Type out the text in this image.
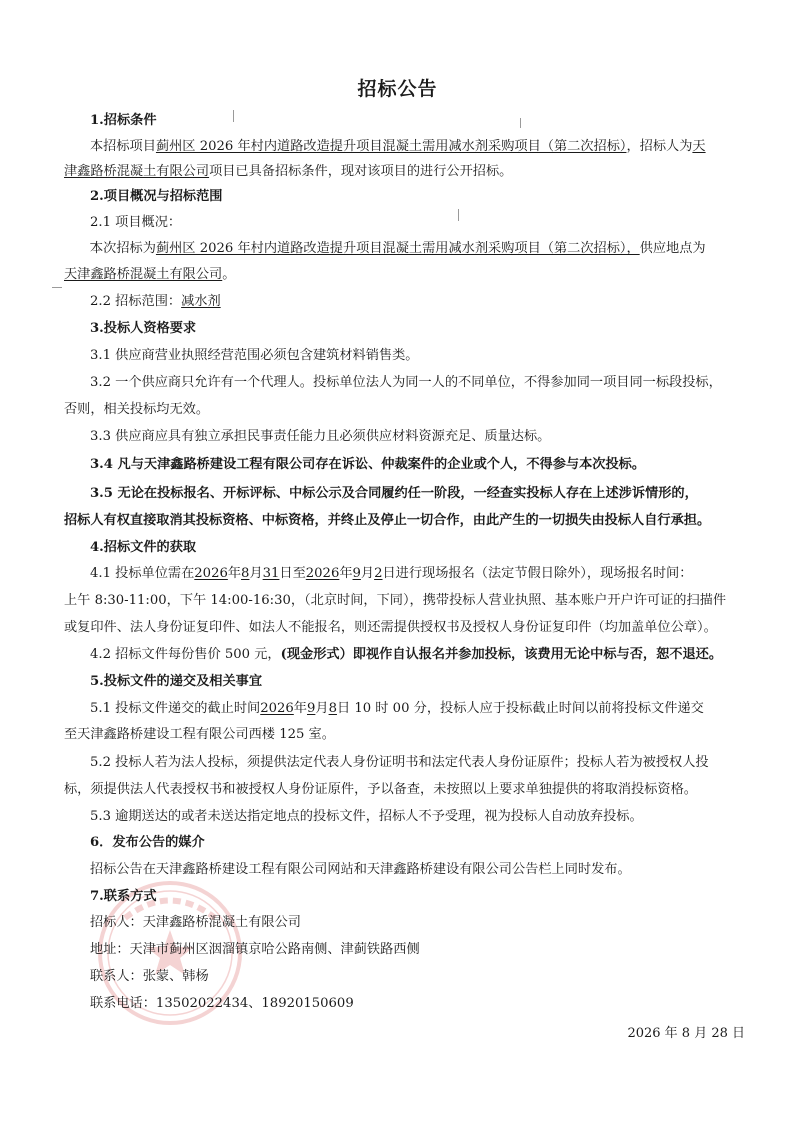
招标公告
1.招标条件
本招标项目蓟州区 2026 年村内道路改造提升项目混凝土需用减水剂采购项目（第二次招标），招标人为天
津鑫路桥混凝土有限公司项目已具备招标条件，现对该项目的进行公开招标。
2.项目概况与招标范围
2.1 项目概况：
本次招标为蓟州区 2026 年村内道路改造提升项目混凝土需用减水剂采购项目（第二次招标），供应地点为
天津鑫路桥混凝土有限公司。
2.2 招标范围：减水剂
3.投标人资格要求
3.1 供应商营业执照经营范围必须包含建筑材料销售类。
3.2 一个供应商只允许有一个代理人。投标单位法人为同一人的不同单位，不得参加同一项目同一标段投标，
否则，相关投标均无效。
3.3 供应商应具有独立承担民事责任能力且必须供应材料资源充足、质量达标。
3.4 凡与天津鑫路桥建设工程有限公司存在诉讼、仲裁案件的企业或个人，不得参与本次投标。
3.5 无论在投标报名、开标评标、中标公示及合同履约任一阶段，一经查实投标人存在上述涉诉情形的，
招标人有权直接取消其投标资格、中标资格，并终止及停止一切合作，由此产生的一切损失由投标人自行承担。
4.招标文件的获取
4.1 投标单位需在2026年8月31日至2026年9月2日进行现场报名（法定节假日除外），现场报名时间：
上午 8:30-11:00，下午 14:00-16:30，（北京时间，下同），携带投标人营业执照、基本账户开户许可证的扫描件
或复印件、法人身份证复印件、如法人不能报名，则还需提供授权书及授权人身份证复印件（均加盖单位公章）。
4.2 招标文件每份售价 500 元，(现金形式）即视作自认报名并参加投标，该费用无论中标与否，恕不退还。
5.投标文件的递交及相关事宜
5.1 投标文件递交的截止时间2026年9月8日 10 时 00 分，投标人应于投标截止时间以前将投标文件递交
至天津鑫路桥建设工程有限公司西楼 125 室。
5.2 投标人若为法人投标，须提供法定代表人身份证明书和法定代表人身份证原件；投标人若为被授权人投
标，须提供法人代表授权书和被授权人身份证原件，予以备查，未按照以上要求单独提供的将取消投标资格。
5.3 逾期送达的或者未送达指定地点的投标文件，招标人不予受理，视为投标人自动放弃投标。
6．发布公告的媒介
招标公告在天津鑫路桥建设工程有限公司网站和天津鑫路桥建设有限公司公告栏上同时发布。
7.联系方式
招标人：天津鑫路桥混凝土有限公司
地址：天津市蓟州区洇溜镇京哈公路南侧、津蓟铁路西侧
联系人：张蒙、韩杨
联系电话：13502022434、18920150609
2026 年 8 月 28 日
